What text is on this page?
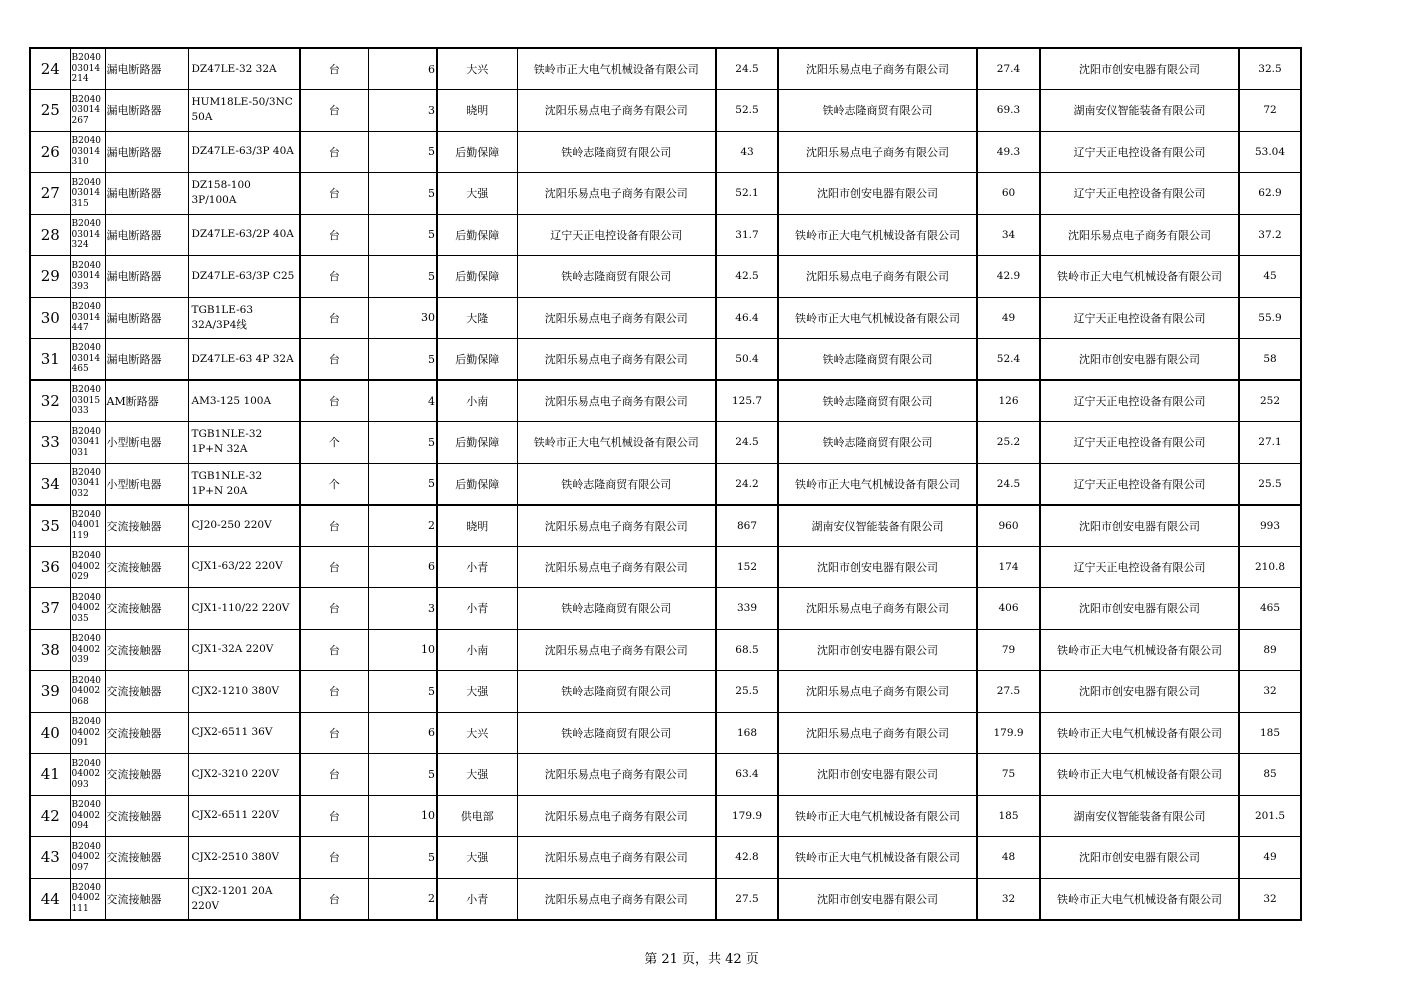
24	B204003014214	漏电断路器	DZ47LE-32 32A	台	6	大兴	铁岭市正大电气机械设备有限公司	24.5	沈阳乐易点电子商务有限公司	27.4	沈阳市创安电器有限公司	32.5
25	B204003014267	漏电断路器	HUM18LE-50/3NC 50A	台	3	晓明	沈阳乐易点电子商务有限公司	52.5	铁岭志隆商贸有限公司	69.3	湖南安仪智能装备有限公司	72
26	B204003014310	漏电断路器	DZ47LE-63/3P 40A	台	5	后勤保障	铁岭志隆商贸有限公司	43	沈阳乐易点电子商务有限公司	49.3	辽宁天正电控设备有限公司	53.04
27	B204003014315	漏电断路器	DZ158-100 3P/100A	台	5	大强	沈阳乐易点电子商务有限公司	52.1	沈阳市创安电器有限公司	60	辽宁天正电控设备有限公司	62.9
28	B204003014324	漏电断路器	DZ47LE-63/2P 40A	台	5	后勤保障	辽宁天正电控设备有限公司	31.7	铁岭市正大电气机械设备有限公司	34	沈阳乐易点电子商务有限公司	37.2
29	B204003014393	漏电断路器	DZ47LE-63/3P C25	台	5	后勤保障	铁岭志隆商贸有限公司	42.5	沈阳乐易点电子商务有限公司	42.9	铁岭市正大电气机械设备有限公司	45
30	B204003014447	漏电断路器	TGB1LE-63 32A/3P4线	台	30	大隆	沈阳乐易点电子商务有限公司	46.4	铁岭市正大电气机械设备有限公司	49	辽宁天正电控设备有限公司	55.9
31	B204003014465	漏电断路器	DZ47LE-63 4P 32A	台	5	后勤保障	沈阳乐易点电子商务有限公司	50.4	铁岭志隆商贸有限公司	52.4	沈阳市创安电器有限公司	58
32	B204003015033	AM断路器	AM3-125 100A	台	4	小南	沈阳乐易点电子商务有限公司	125.7	铁岭志隆商贸有限公司	126	辽宁天正电控设备有限公司	252
33	B204003041031	小型断电器	TGB1NLE-32 1P+N 32A	个	5	后勤保障	铁岭市正大电气机械设备有限公司	24.5	铁岭志隆商贸有限公司	25.2	辽宁天正电控设备有限公司	27.1
34	B204003041032	小型断电器	TGB1NLE-32 1P+N 20A	个	5	后勤保障	铁岭志隆商贸有限公司	24.2	铁岭市正大电气机械设备有限公司	24.5	辽宁天正电控设备有限公司	25.5
35	B204004001119	交流接触器	CJ20-250 220V	台	2	晓明	沈阳乐易点电子商务有限公司	867	湖南安仪智能装备有限公司	960	沈阳市创安电器有限公司	993
36	B204004002029	交流接触器	CJX1-63/22 220V	台	6	小青	沈阳乐易点电子商务有限公司	152	沈阳市创安电器有限公司	174	辽宁天正电控设备有限公司	210.8
37	B204004002035	交流接触器	CJX1-110/22 220V	台	3	小青	铁岭志隆商贸有限公司	339	沈阳乐易点电子商务有限公司	406	沈阳市创安电器有限公司	465
38	B204004002039	交流接触器	CJX1-32A 220V	台	10	小南	沈阳乐易点电子商务有限公司	68.5	沈阳市创安电器有限公司	79	铁岭市正大电气机械设备有限公司	89
39	B204004002068	交流接触器	CJX2-1210 380V	台	5	大强	铁岭志隆商贸有限公司	25.5	沈阳乐易点电子商务有限公司	27.5	沈阳市创安电器有限公司	32
40	B204004002091	交流接触器	CJX2-6511 36V	台	6	大兴	铁岭志隆商贸有限公司	168	沈阳乐易点电子商务有限公司	179.9	铁岭市正大电气机械设备有限公司	185
41	B204004002093	交流接触器	CJX2-3210 220V	台	5	大强	沈阳乐易点电子商务有限公司	63.4	沈阳市创安电器有限公司	75	铁岭市正大电气机械设备有限公司	85
42	B204004002094	交流接触器	CJX2-6511 220V	台	10	供电部	沈阳乐易点电子商务有限公司	179.9	铁岭市正大电气机械设备有限公司	185	湖南安仪智能装备有限公司	201.5
43	B204004002097	交流接触器	CJX2-2510 380V	台	5	大强	沈阳乐易点电子商务有限公司	42.8	铁岭市正大电气机械设备有限公司	48	沈阳市创安电器有限公司	49
44	B204004002111	交流接触器	CJX2-1201 20A 220V	台	2	小青	沈阳乐易点电子商务有限公司	27.5	沈阳市创安电器有限公司	32	铁岭市正大电气机械设备有限公司	32
第 21 页，共 42 页
